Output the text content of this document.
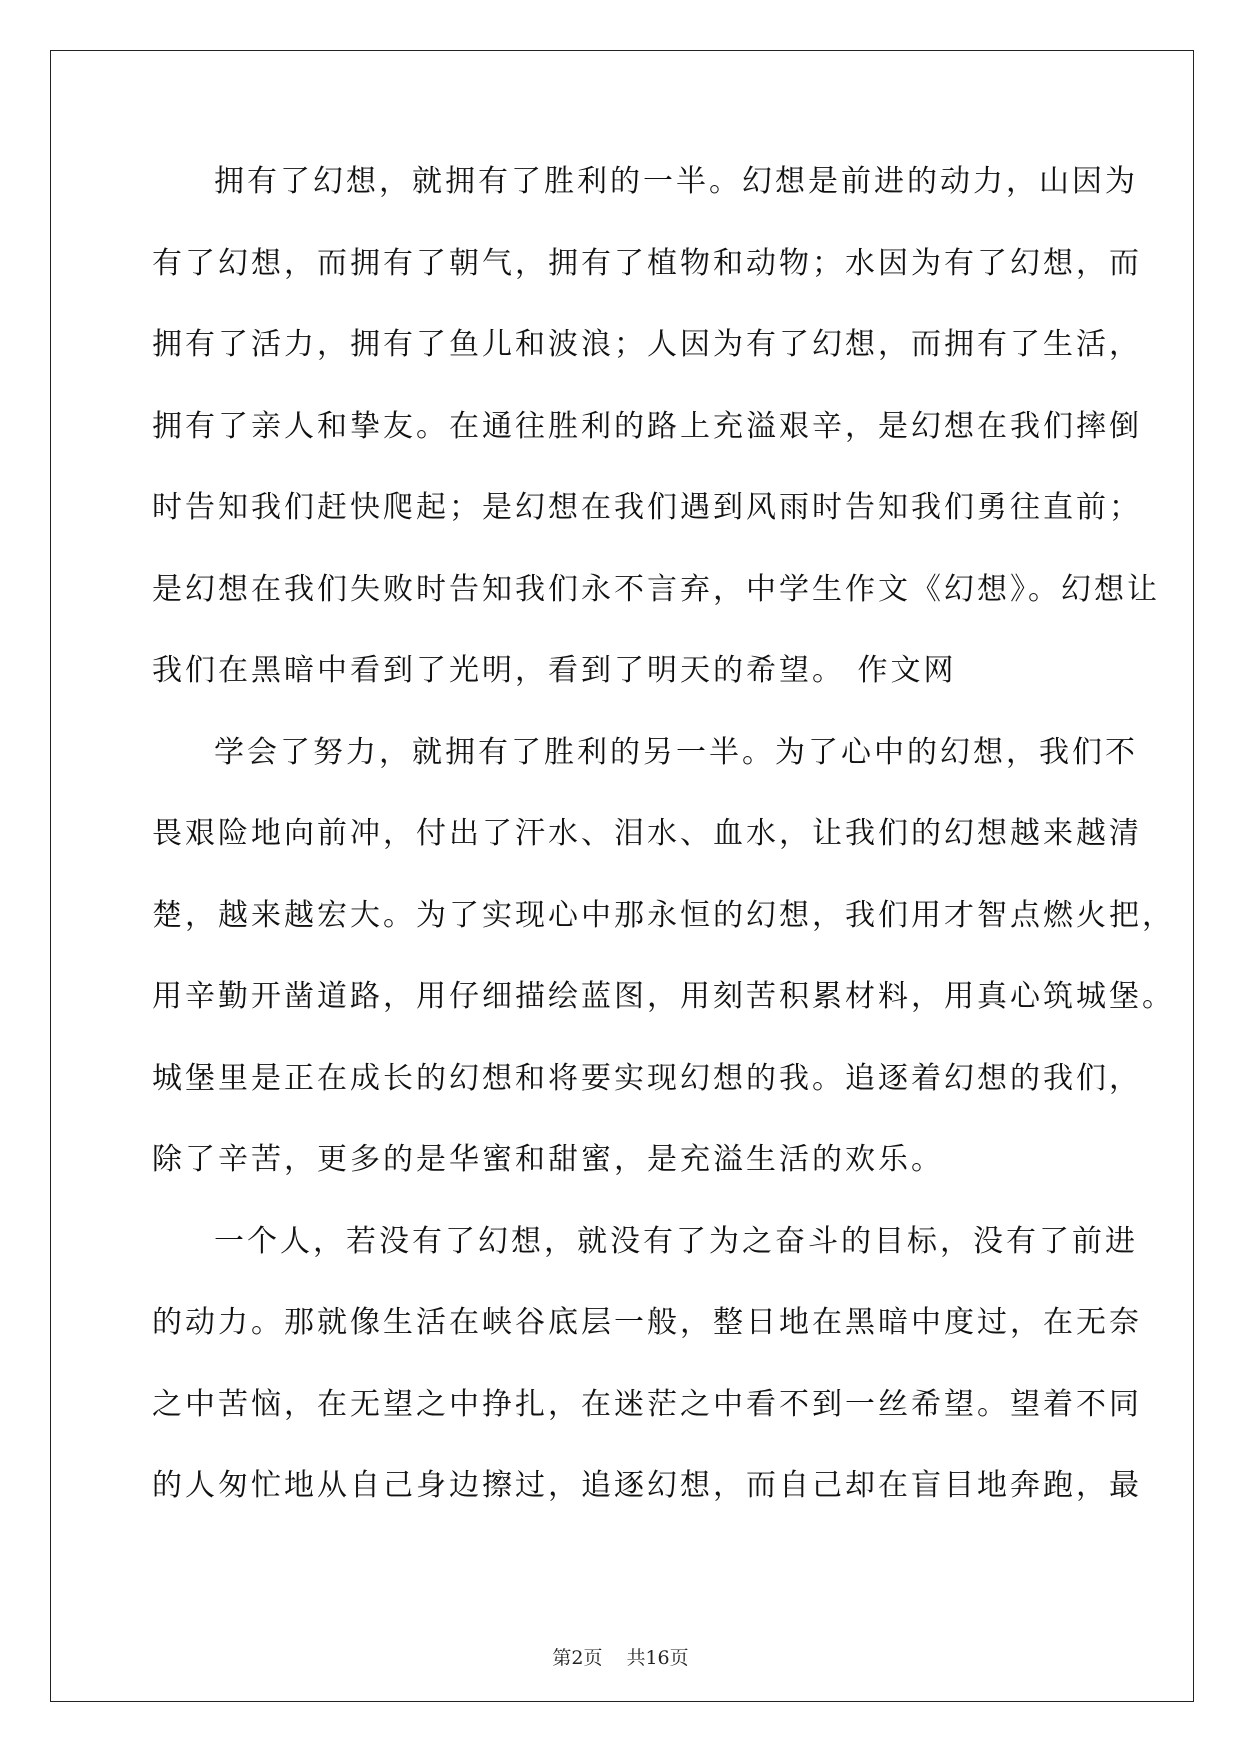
拥有了幻想，就拥有了胜利的一半。幻想是前进的动力，山因为
有了幻想，而拥有了朝气，拥有了植物和动物；水因为有了幻想，而
拥有了活力，拥有了鱼儿和波浪；人因为有了幻想，而拥有了生活，
拥有了亲人和挚友。在通往胜利的路上充溢艰辛，是幻想在我们摔倒
时告知我们赶快爬起；是幻想在我们遇到风雨时告知我们勇往直前；
是幻想在我们失败时告知我们永不言弃，中学生作文《幻想》。幻想让
我们在黑暗中看到了光明，看到了明天的希望。 作文网
学会了努力，就拥有了胜利的另一半。为了心中的幻想，我们不
畏艰险地向前冲，付出了汗水、泪水、血水，让我们的幻想越来越清
楚，越来越宏大。为了实现心中那永恒的幻想，我们用才智点燃火把，
用辛勤开凿道路，用仔细描绘蓝图，用刻苦积累材料，用真心筑城堡。
城堡里是正在成长的幻想和将要实现幻想的我。追逐着幻想的我们，
除了辛苦，更多的是华蜜和甜蜜，是充溢生活的欢乐。
一个人，若没有了幻想，就没有了为之奋斗的目标，没有了前进
的动力。那就像生活在峡谷底层一般，整日地在黑暗中度过，在无奈
之中苦恼，在无望之中挣扎，在迷茫之中看不到一丝希望。望着不同
的人匆忙地从自己身边擦过，追逐幻想，而自己却在盲目地奔跑，最
第2页 共16页
